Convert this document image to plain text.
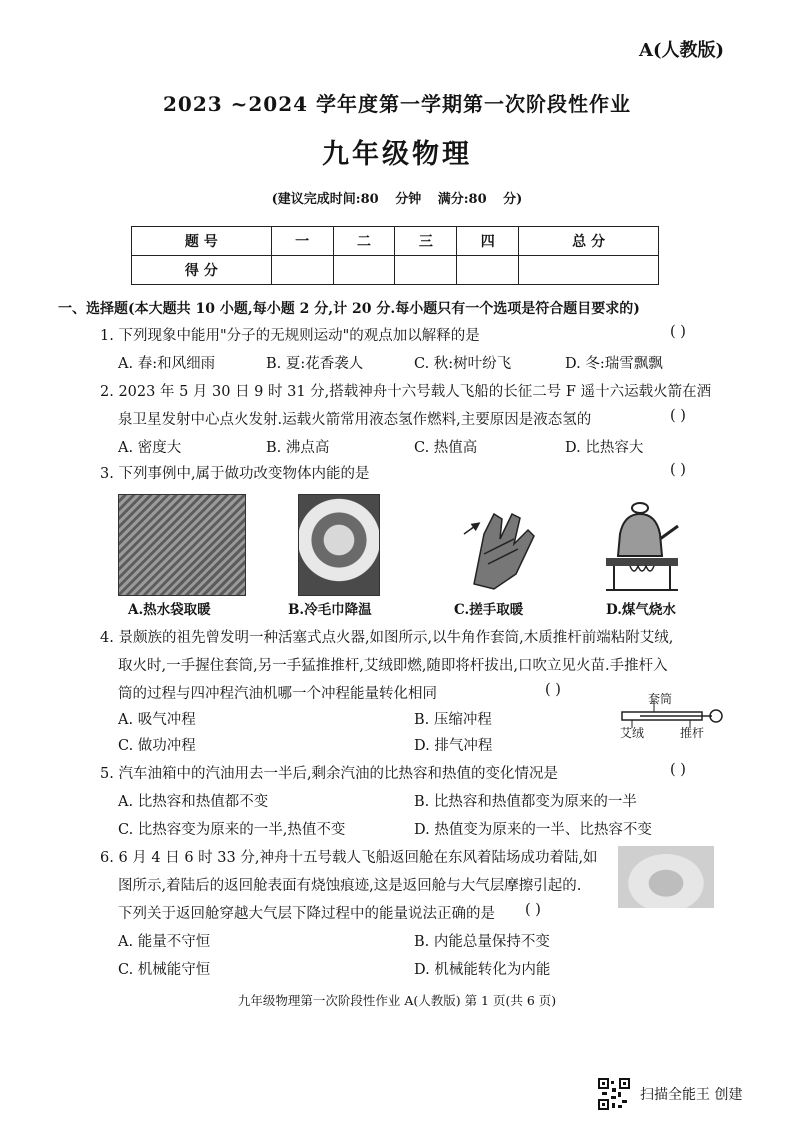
A(人教版)
2023 ~2024 学年度第一学期第一次阶段性作业
九年级物理
(建议完成时间:80 分钟 满分:80 分)
题 号	一	二	三	四	总 分
得 分					
一、选择题(本大题共 10 小题,每小题 2 分,计 20 分.每小题只有一个选项是符合题目要求的)
1. 下列现象中能用"分子的无规则运动"的观点加以解释的是	( )
A. 春:和风细雨	B. 夏:花香袭人	C. 秋:树叶纷飞	D. 冬:瑞雪飘飘
2. 2023 年 5 月 30 日 9 时 31 分,搭载神舟十六号载人飞船的长征二号 F 遥十六运载火箭在酒
泉卫星发射中心点火发射.运载火箭常用液态氢作燃料,主要原因是液态氢的	( )
A. 密度大	B. 沸点高	C. 热值高	D. 比热容大
3. 下列事例中,属于做功改变物体内能的是	( )
A.热水袋取暖	B.冷毛巾降温	C.搓手取暖	D.煤气烧水
4. 景颇族的祖先曾发明一种活塞式点火器,如图所示,以牛角作套筒,木质推杆前端粘附艾绒,
取火时,一手握住套筒,另一手猛推推杆,艾绒即燃,随即将杆拔出,口吹立见火苗.手推杆入
筒的过程与四冲程汽油机哪一个冲程能量转化相同	( )
A. 吸气冲程	B. 压缩冲程
C. 做功冲程	D. 排气冲程
套筒
艾绒	推杆
5. 汽车油箱中的汽油用去一半后,剩余汽油的比热容和热值的变化情况是	( )
A. 比热容和热值都不变	B. 比热容和热值都变为原来的一半
C. 比热容变为原来的一半,热值不变	D. 热值变为原来的一半、比热容不变
6. 6 月 4 日 6 时 33 分,神舟十五号载人飞船返回舱在东风着陆场成功着陆,如
图所示,着陆后的返回舱表面有烧蚀痕迹,这是返回舱与大气层摩擦引起的.
下列关于返回舱穿越大气层下降过程中的能量说法正确的是 ( )
A. 能量不守恒	B. 内能总量保持不变
C. 机械能守恒	D. 机械能转化为内能
九年级物理第一次阶段性作业 A(人教版) 第 1 页(共 6 页)
扫描全能王 创建
